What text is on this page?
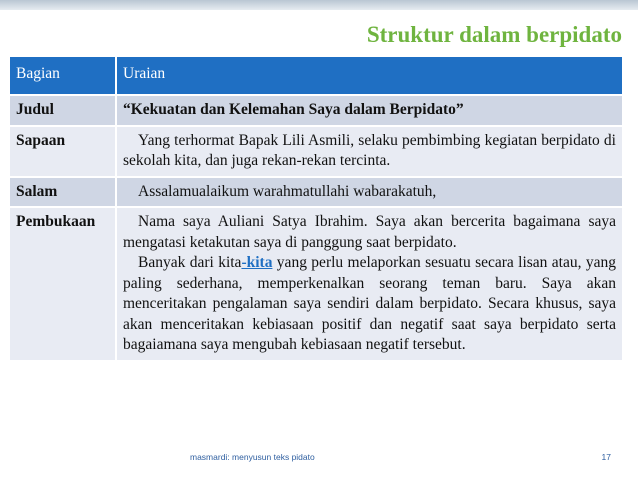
Struktur dalam berpidato
Bagian	Uraian
Judul	“Kekuatan dan Kelemahan Saya dalam Berpidato”
Sapaan	Yang terhormat Bapak Lili Asmili, selaku pembimbing kegiatan berpidato di sekolah kita, dan juga rekan-rekan tercinta.
Salam	Assalamualaikum warahmatullahi wabarakatuh,
Pembukaan	Nama saya Auliani Satya Ibrahim. Saya akan bercerita bagaimana saya mengatasi ketakutan saya di panggung saat berpidato.
Banyak dari kita-kita yang perlu melaporkan sesuatu secara lisan atau, yang paling sederhana, memperkenalkan seorang teman baru. Saya akan menceritakan pengalaman saya sendiri dalam berpidato. Secara khusus, saya akan menceritakan kebiasaan positif dan negatif saat saya berpidato serta bagaiamana saya mengubah kebiasaan negatif tersebut.
masmardi: menyusun teks pidato	17
